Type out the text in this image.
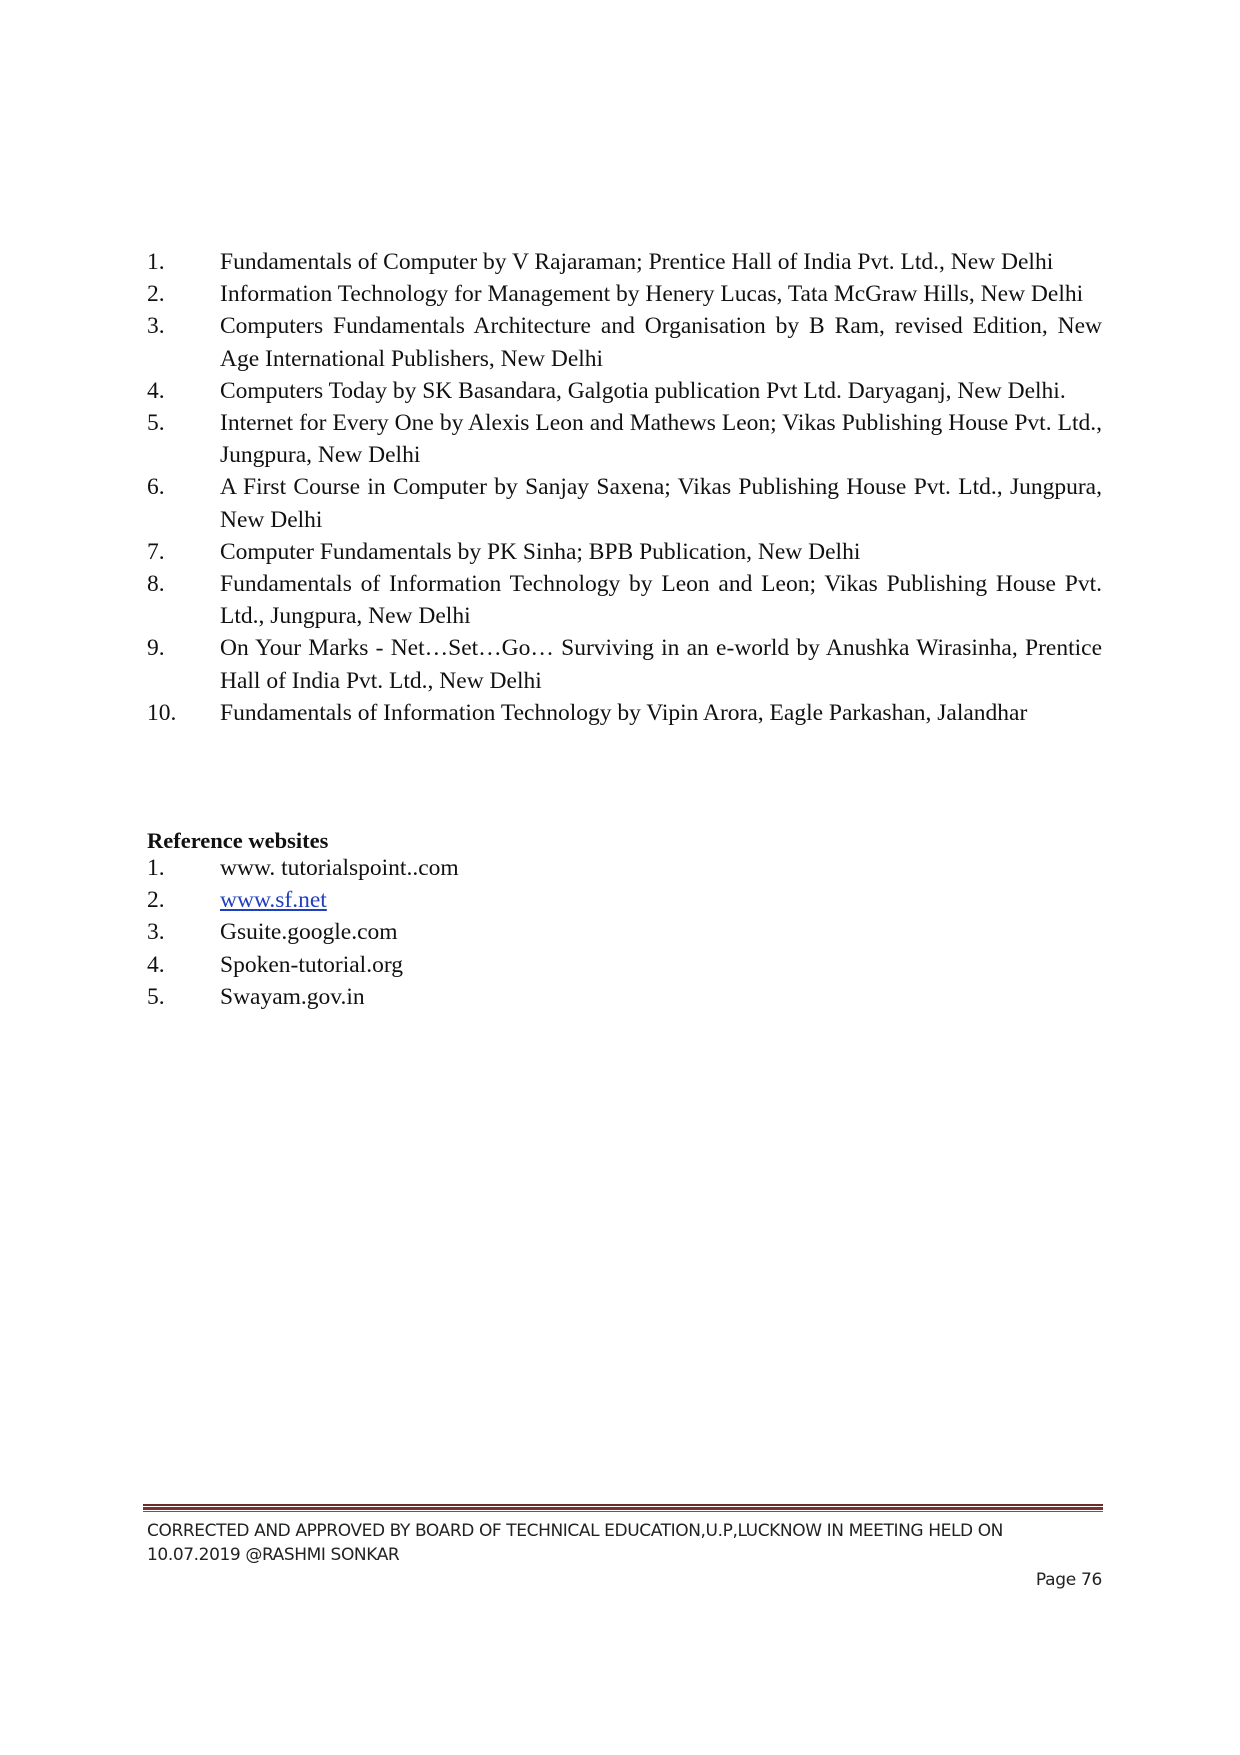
1.	Fundamentals of Computer by V Rajaraman; Prentice Hall of India Pvt. Ltd., New Delhi
2.	Information Technology for Management by Henery Lucas, Tata McGraw Hills, New Delhi
3.	Computers Fundamentals Architecture and Organisation by B Ram, revised Edition, New Age International Publishers, New Delhi
4.	Computers Today by SK Basandara, Galgotia publication Pvt Ltd. Daryaganj, New Delhi.
5.	Internet for Every One by Alexis Leon and Mathews Leon; Vikas Publishing House Pvt. Ltd., Jungpura, New Delhi
6.	A First Course in Computer by Sanjay Saxena; Vikas Publishing House Pvt. Ltd., Jungpura, New Delhi
7.	Computer Fundamentals by PK Sinha; BPB Publication, New Delhi
8.	Fundamentals of Information Technology by Leon and Leon; Vikas Publishing House Pvt. Ltd., Jungpura, New Delhi
9.	On Your Marks - Net…Set…Go… Surviving in an e-world by Anushka Wirasinha, Prentice Hall of India Pvt. Ltd., New Delhi
10.	Fundamentals of Information Technology by Vipin Arora, Eagle Parkashan, Jalandhar
Reference websites
1.	www. tutorialspoint..com
2.	www.sf.net
3.	Gsuite.google.com
4.	Spoken-tutorial.org
5.	Swayam.gov.in
CORRECTED AND APPROVED BY BOARD OF TECHNICAL EDUCATION,U.P,LUCKNOW IN MEETING HELD ON
10.07.2019 @RASHMI SONKAR
Page 76
